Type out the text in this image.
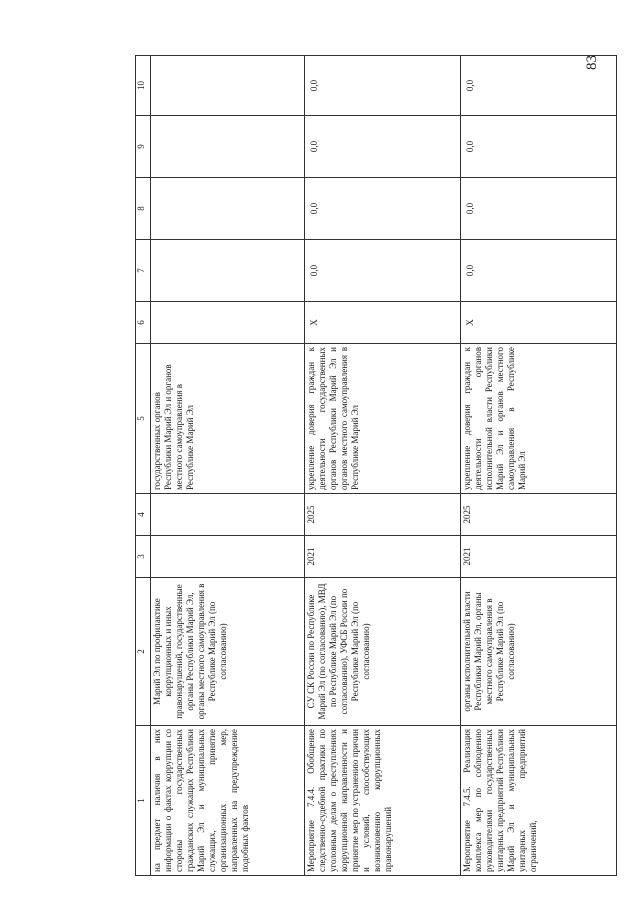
83
1	2	3	4	5	6	7	8	9	10
на предмет наличия в них информации о фактах коррупции со стороны государственных гражданских служащих Республики Марий Эл и муниципальных служащих, принятие организационных мер, направленных на предупреждение подобных фактов	Марий Эл по профилактике коррупционных и иных правонарушений, государственные органы Республики Марий Эл, органы местного самоуправления в Республике Марий Эл (по согласованию)			государственных органов Республики Марий Эл и органов местного самоуправления в Республике Марий Эл					
Мероприятие 7.4.4. Обобщение следственно-судебной практики по уголовным делам о преступлениях коррупционной направленности и принятие мер по устранению причин и условий, способствующих возникновению коррупционных правонарушений	СУ СК России по Республике Марий Эл (по согласованию), МВД по Республике Марий Эл (по согласованию), УФСБ России по Республике Марий Эл (по согласованию)	2021	2025	укрепление доверия граждан к деятельности государственных органов Республики Марий Эл и органов местного самоуправления в Республике Марий Эл	X	0,0	0,0	0,0	0,0
Мероприятие 7.4.5. Реализация комплекса мер по соблюдению руководителями государственных унитарных предприятий Республики Марий Эл и муниципальных унитарных предприятий ограничений,	органы исполнительной власти Республики Марий Эл, органы местного самоуправления в Республике Марий Эл (по согласованию)	2021	2025	укрепление доверия граждан к деятельности органов исполнительной власти Республики Марий Эл и органов местного самоуправления в Республике Марий Эл	X	0,0	0,0	0,0	0,0
